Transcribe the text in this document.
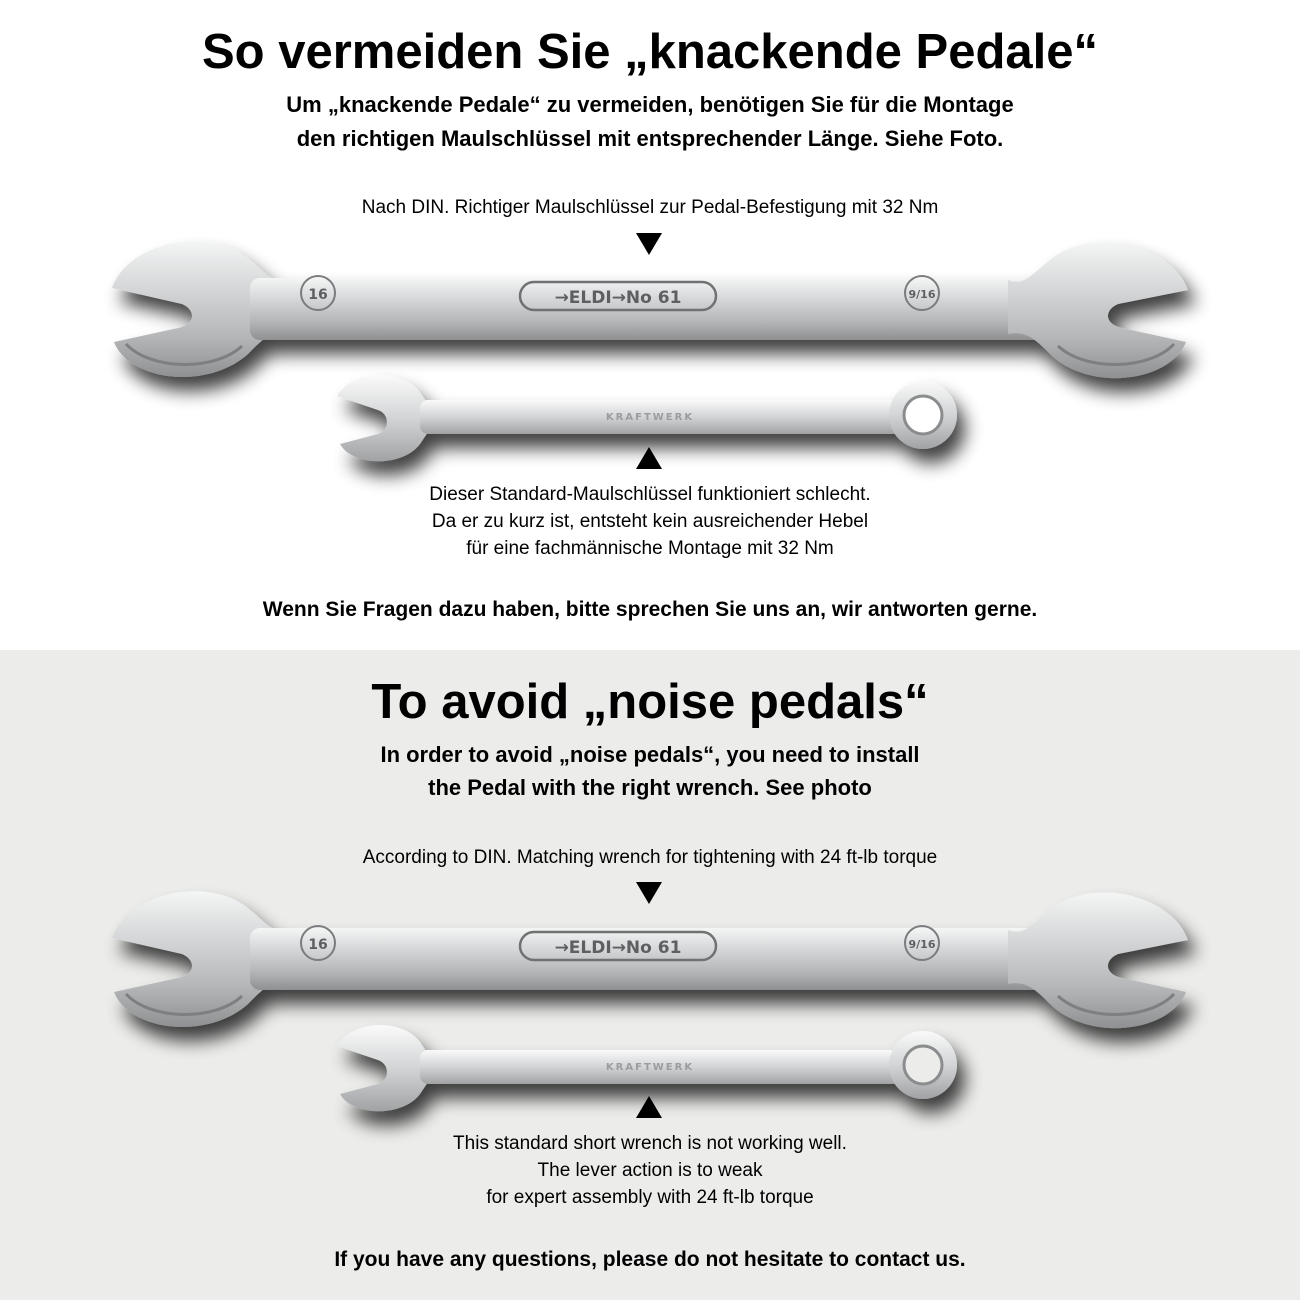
So vermeiden Sie „knackende Pedale“
Um „knackende Pedale“ zu vermeiden, benötigen Sie für die Montage
den richtigen Maulschlüssel mit entsprechender Länge. Siehe Foto.
Nach DIN. Richtiger Maulschlüssel zur Pedal-Befestigung mit 32 Nm
→ELDI→No 61
16	9/16
KRAFTWERK
Dieser Standard-Maulschlüssel funktioniert schlecht.
Da er zu kurz ist, entsteht kein ausreichender Hebel
für eine fachmännische Montage mit 32 Nm
Wenn Sie Fragen dazu haben, bitte sprechen Sie uns an, wir antworten gerne.
To avoid „noise pedals“
In order to avoid „noise pedals“, you need to install
the Pedal with the right wrench. See photo
According to DIN. Matching wrench for tightening with 24 ft-lb torque
→ELDI→No 61
16	9/16
KRAFTWERK
This standard short wrench is not working well.
The lever action is to weak
for expert assembly with 24 ft-lb torque
If you have any questions, please do not hesitate to contact us.
